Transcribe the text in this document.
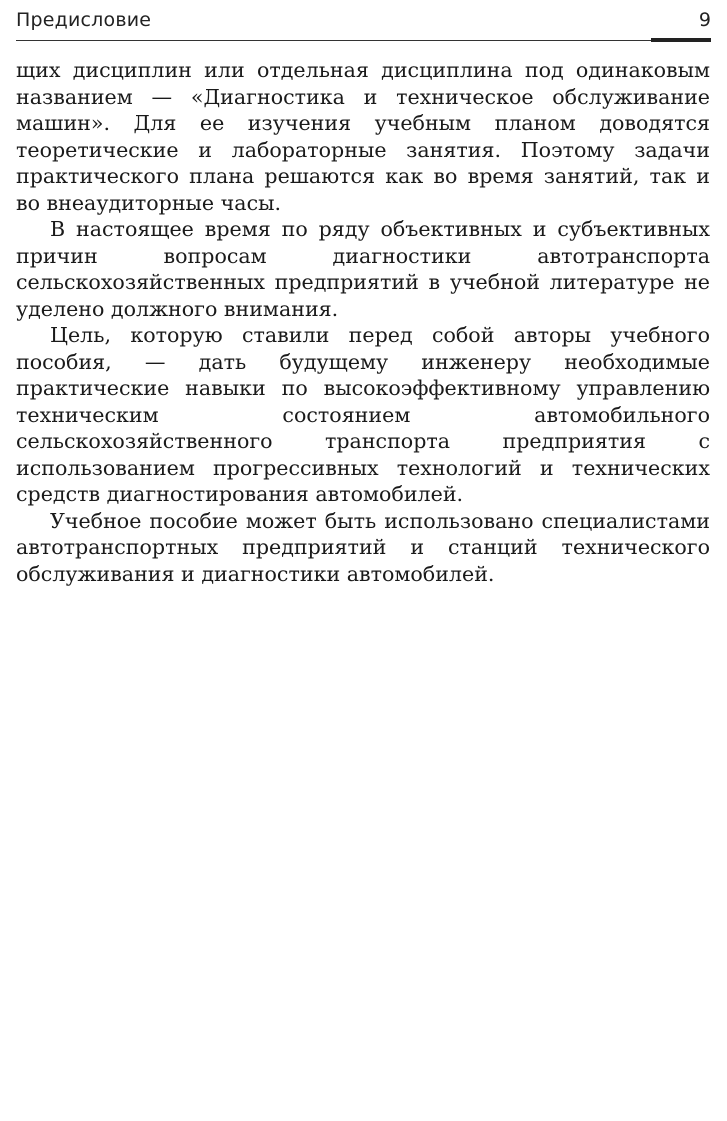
Предисловие	9

щих дисциплин или отдельная дисциплина под одинаковым названием — «Диагностика и техническое обслуживание машин». Для ее изучения учебным планом доводятся теоретические и лабораторные занятия. Поэтому задачи практического плана решаются как во время занятий, так и во внеаудиторные часы.

В настоящее время по ряду объективных и субъективных причин вопросам диагностики автотранспорта сельскохозяйственных предприятий в учебной литературе не уделено должного внимания.

Цель, которую ставили перед собой авторы учебного пособия, — дать будущему инженеру необходимые практические навыки по высокоэффективному управлению техническим состоянием автомобильного сельскохозяйственного транспорта предприятия с использованием прогрессивных технологий и технических средств диагностирования автомобилей.

Учебное пособие может быть использовано специалистами автотранспортных предприятий и станций технического обслуживания и диагностики автомобилей.
